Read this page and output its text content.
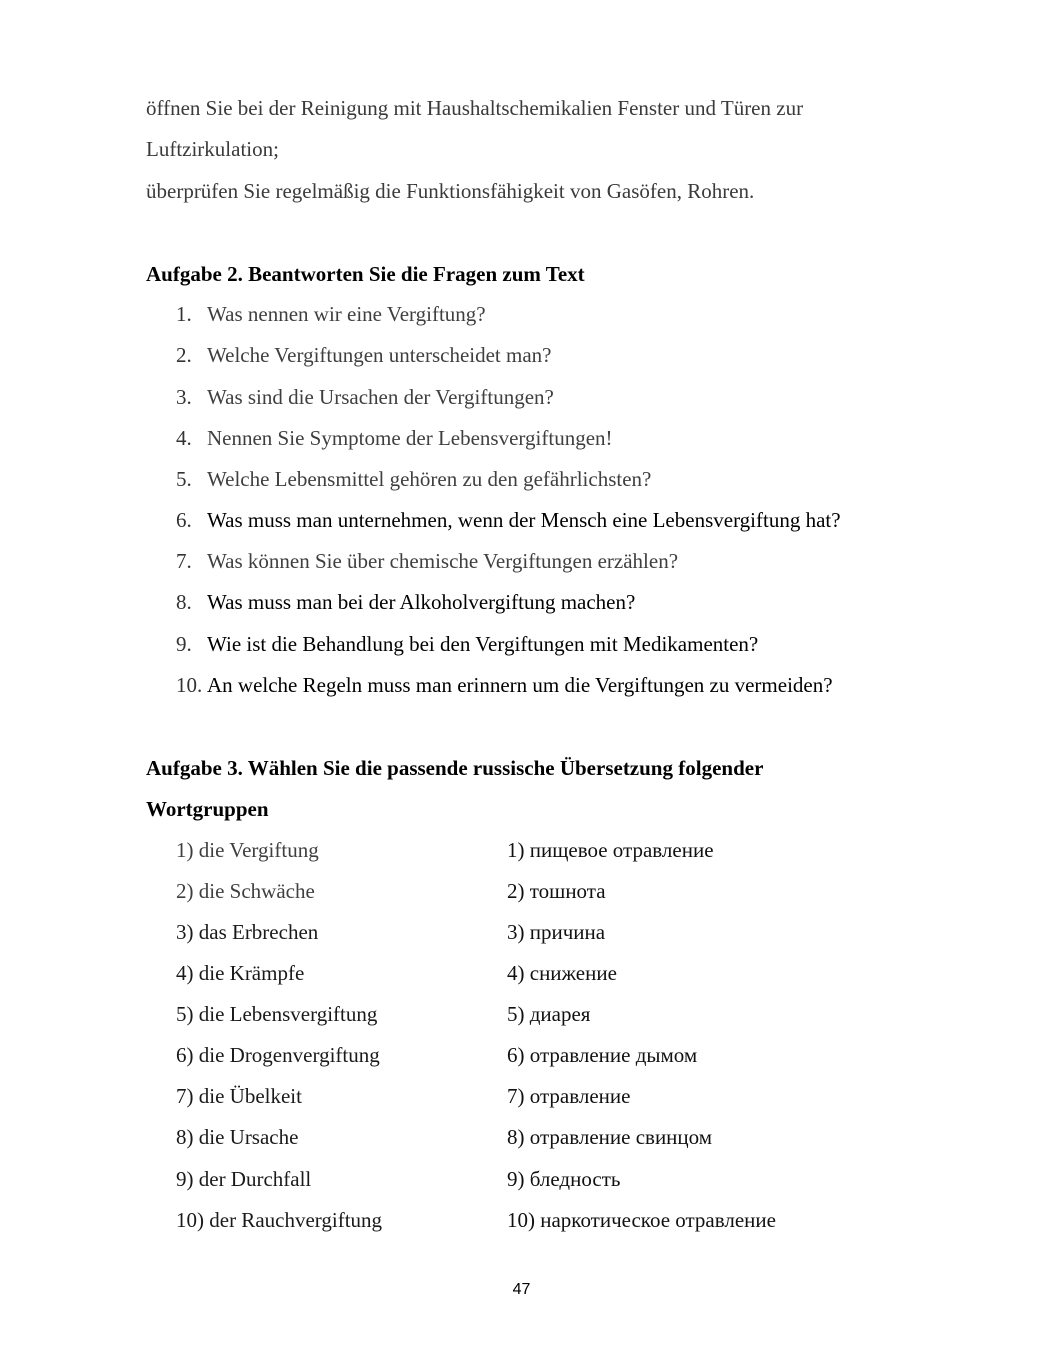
öffnen Sie bei der Reinigung mit Haushaltschemikalien Fenster und Türen zur
Luftzirkulation;
überprüfen Sie regelmäßig die Funktionsfähigkeit von Gasöfen, Rohren.
Aufgabe 2. Beantworten Sie die Fragen zum Text
1. Was nennen wir eine Vergiftung?
2. Welche Vergiftungen unterscheidet man?
3. Was sind die Ursachen der Vergiftungen?
4. Nennen Sie Symptome der Lebensvergiftungen!
5. Welche Lebensmittel gehören zu den gefährlichsten?
6. Was muss man unternehmen, wenn der Mensch eine Lebensvergiftung hat?
7. Was können Sie über chemische Vergiftungen erzählen?
8. Was muss man bei der Alkoholvergiftung machen?
9. Wie ist die Behandlung bei den Vergiftungen mit Medikamenten?
10. An welche Regeln muss man erinnern um die Vergiftungen zu vermeiden?
Aufgabe 3. Wählen Sie die passende russische Übersetzung folgender
Wortgruppen
1) die Vergiftung	1) пищевое отравление
2) die Schwäche	2) тошнота
3) das Erbrechen	3) причина
4) die Krämpfe	4) снижение
5) die Lebensvergiftung	5) диарея
6) die Drogenvergiftung	6) отравление дымом
7) die Übelkeit	7) отравление
8) die Ursache	8) отравление свинцом
9) der Durchfall	9) бледность
10) der Rauchvergiftung	10) наркотическое отравление
47
